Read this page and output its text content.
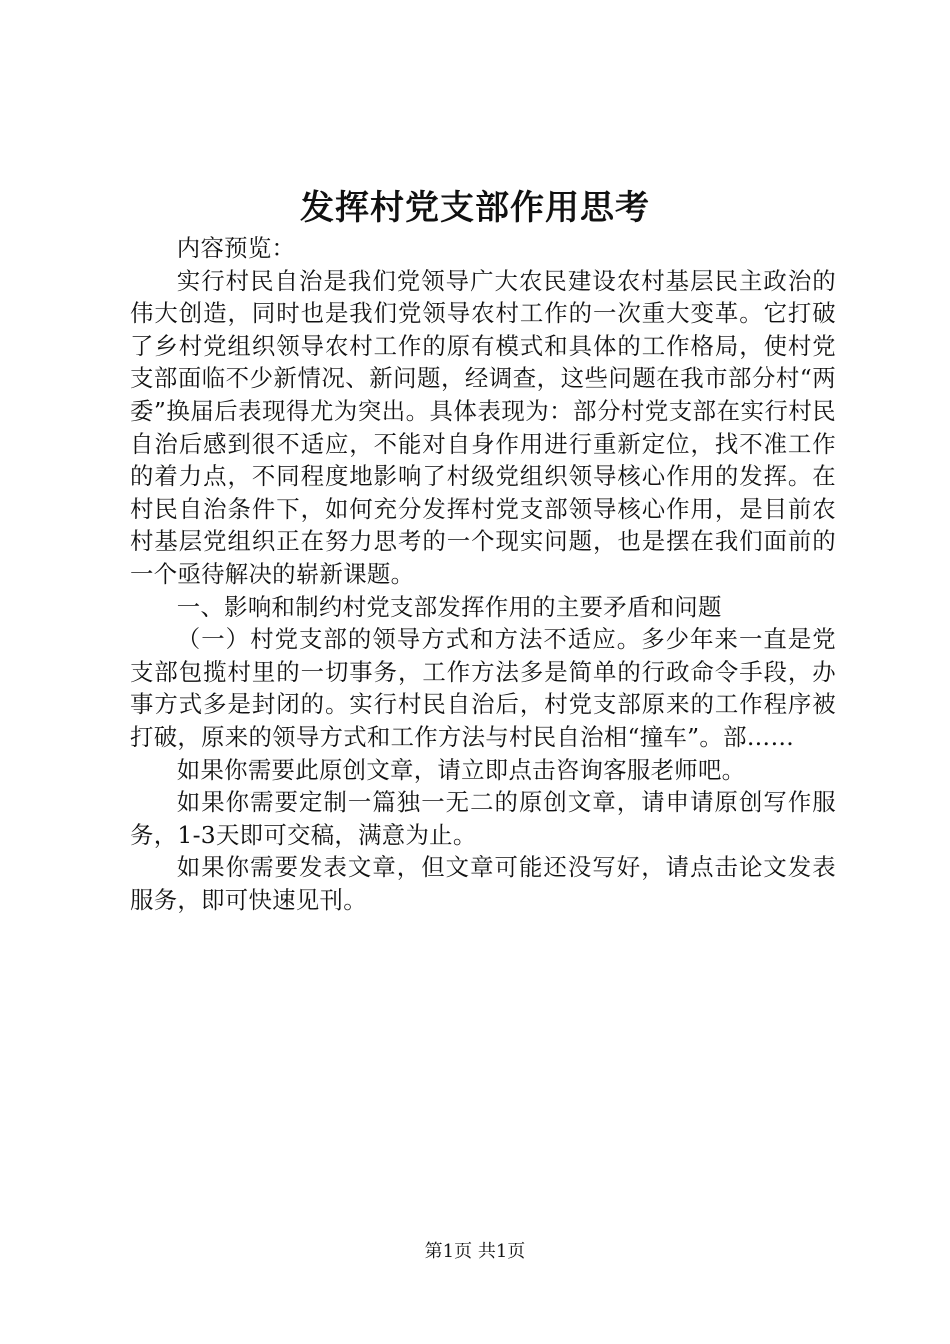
发挥村党支部作用思考

内容预览：

实行村民自治是我们党领导广大农民建设农村基层民主政治的伟大创造，同时也是我们党领导农村工作的一次重大变革。它打破了乡村党组织领导农村工作的原有模式和具体的工作格局，使村党支部面临不少新情况、新问题，经调查，这些问题在我市部分村“两委”换届后表现得尤为突出。具体表现为：部分村党支部在实行村民自治后感到很不适应，不能对自身作用进行重新定位，找不准工作的着力点，不同程度地影响了村级党组织领导核心作用的发挥。在村民自治条件下，如何充分发挥村党支部领导核心作用，是目前农村基层党组织正在努力思考的一个现实问题，也是摆在我们面前的一个亟待解决的崭新课题。

一、影响和制约村党支部发挥作用的主要矛盾和问题

（一）村党支部的领导方式和方法不适应。多少年来一直是党支部包揽村里的一切事务，工作方法多是简单的行政命令手段，办事方式多是封闭的。实行村民自治后，村党支部原来的工作程序被打破，原来的领导方式和工作方法与村民自治相“撞车”。部……

如果你需要此原创文章，请立即点击咨询客服老师吧。

如果你需要定制一篇独一无二的原创文章，请申请原创写作服务，1-3天即可交稿，满意为止。

如果你需要发表文章，但文章可能还没写好，请点击论文发表服务，即可快速见刊。

第1页 共1页
